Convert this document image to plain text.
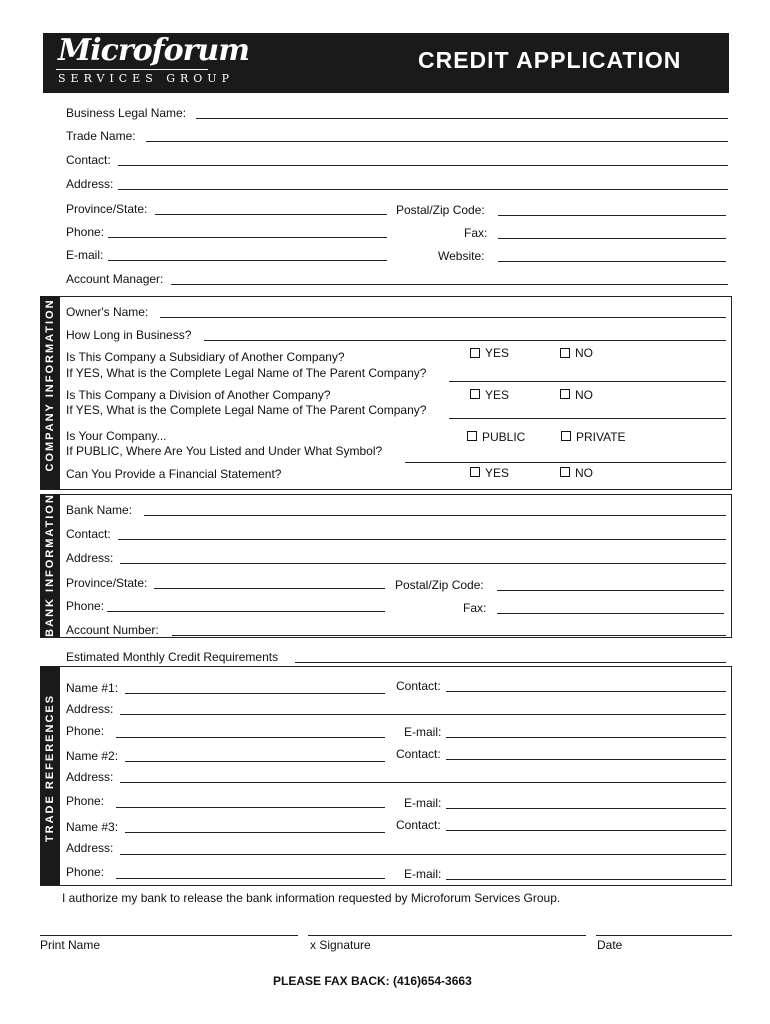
Microforum
SERVICES GROUP
CREDIT APPLICATION
Business Legal Name:
Trade Name:
Contact:
Address:
Province/State:	Postal/Zip Code:
Phone:	Fax:
E-mail:	Website:
Account Manager:
COMPANY INFORMATION Owner's Name:
How Long in Business?
Is This Company a Subsidiary of Another Company?
If YES, What is the Complete Legal Name of The Parent Company?
YES	NO
Is This Company a Division of Another Company?
If YES, What is the Complete Legal Name of The Parent Company?
YES	NO
Is Your Company...
If PUBLIC, Where Are You Listed and Under What Symbol?
PUBLIC	PRIVATE
Can You Provide a Financial Statement?	YES	NO
BANK INFORMATION Bank Name:
Contact:
Address:
Province/State:	Postal/Zip Code:
Phone:	Fax:
Account Number:
Estimated Monthly Credit Requirements
TRADE REFERENCES
Name #1:	Contact:
Address:
Phone:	E-mail:
Name #2:	Contact:
Address:
Phone:	E-mail:
Name #3:	Contact:
Address:
Phone:	E-mail:
I authorize my bank to release the bank information requested by Microforum Services Group.
Print Name	x Signature	Date
PLEASE FAX BACK: (416)654-3663
